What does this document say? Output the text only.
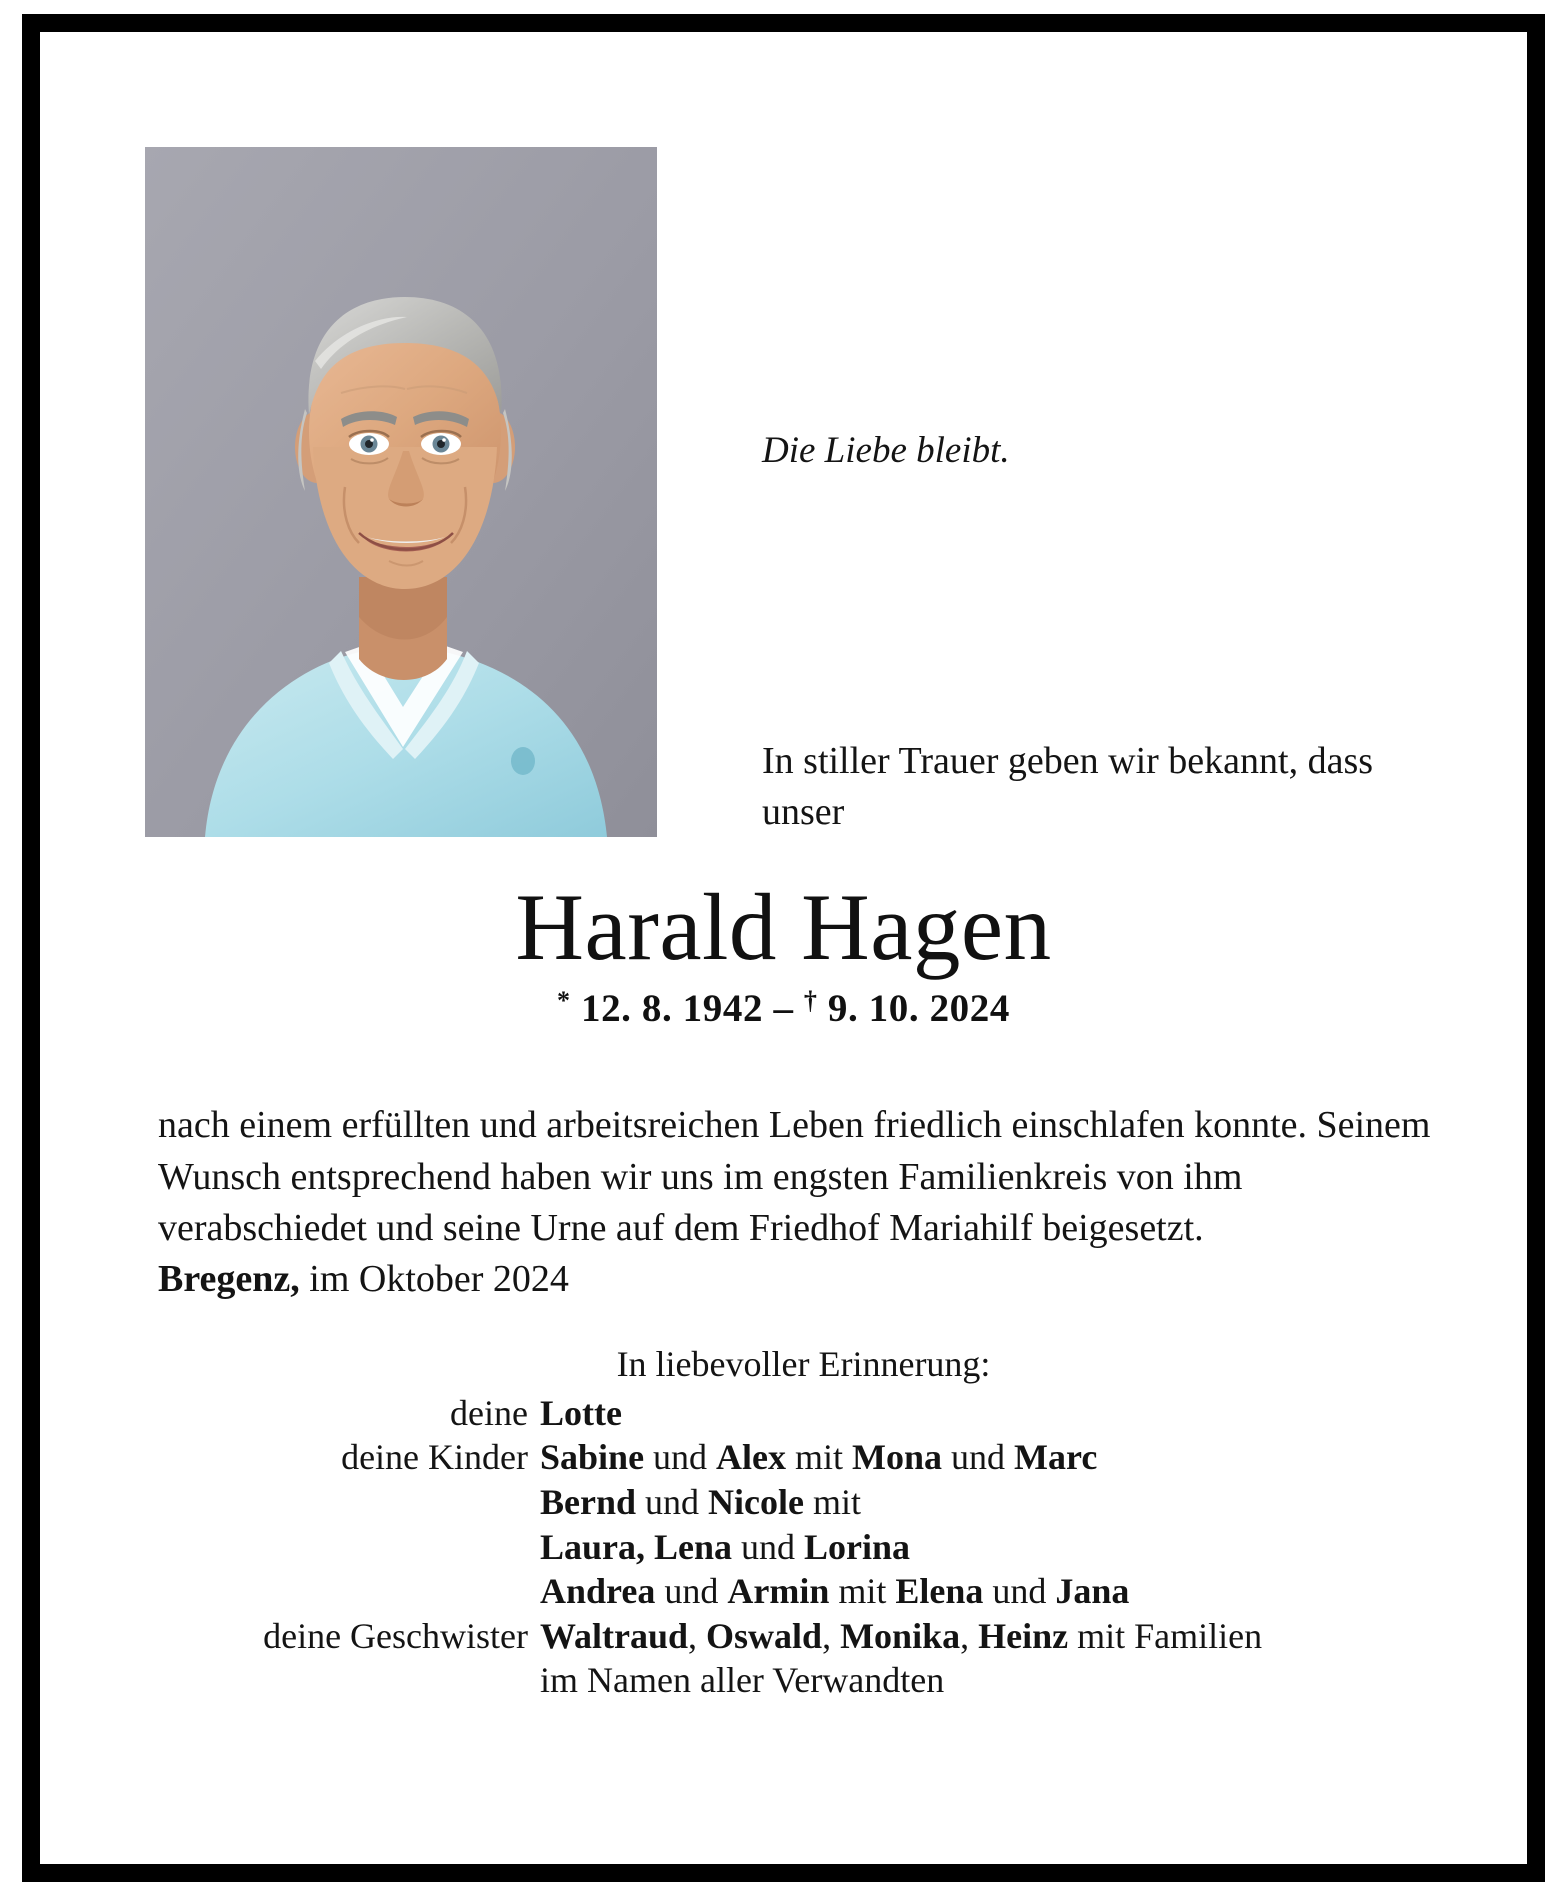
Die Liebe bleibt.
In stiller Trauer geben wir bekannt, dass unser
Harald Hagen
* 12. 8. 1942 – † 9. 10. 2024
nach einem erfüllten und arbeitsreichen Leben friedlich einschlafen konnte. Seinem Wunsch entsprechend haben wir uns im engsten Familienkreis von ihm verabschiedet und seine Urne auf dem Friedhof Mariahilf beigesetzt.
Bregenz, im Oktober 2024
In liebevoller Erinnerung:
deine Lotte
deine Kinder Sabine und Alex mit Mona und Marc
Bernd und Nicole mit
Laura, Lena und Lorina
Andrea und Armin mit Elena und Jana
deine Geschwister Waltraud, Oswald, Monika, Heinz mit Familien
im Namen aller Verwandten
